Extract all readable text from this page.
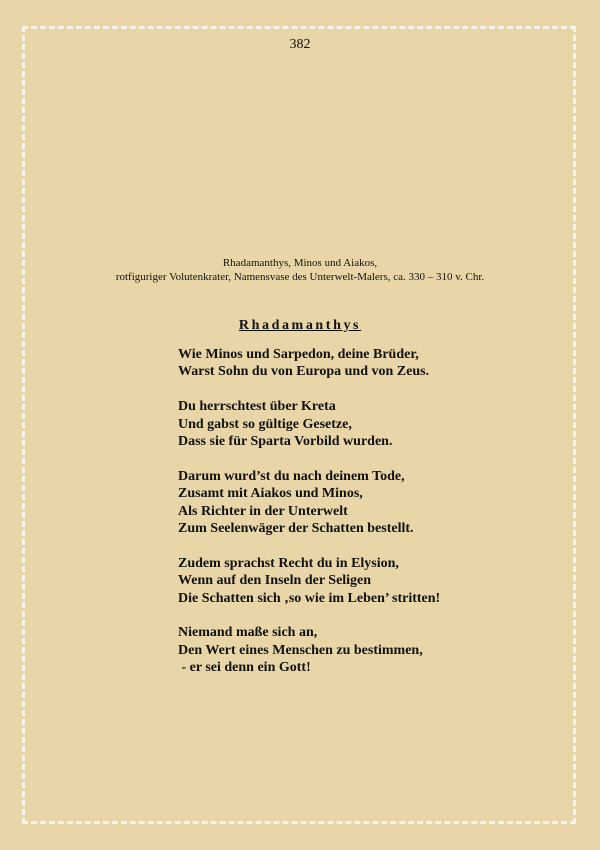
382
Rhadamanthys, Minos und Aiakos,
rotfiguriger Volutenkrater, Namensvase des Unterwelt-Malers, ca. 330 – 310 v. Chr.
Rhadamanthys
Wie Minos und Sarpedon, deine Brüder,
Warst Sohn du von Europa und von Zeus.
Du herrschtest über Kreta
Und gabst so gültige Gesetze,
Dass sie für Sparta Vorbild wurden.
Darum wurd’st du nach deinem Tode,
Zusamt mit Aiakos und Minos,
Als Richter in der Unterwelt
Zum Seelenwäger der Schatten bestellt.
Zudem sprachst Recht du in Elysion,
Wenn auf den Inseln der Seligen
Die Schatten sich ‚so wie im Leben’ stritten!
Niemand maße sich an,
Den Wert eines Menschen zu bestimmen,
- er sei denn ein Gott!
